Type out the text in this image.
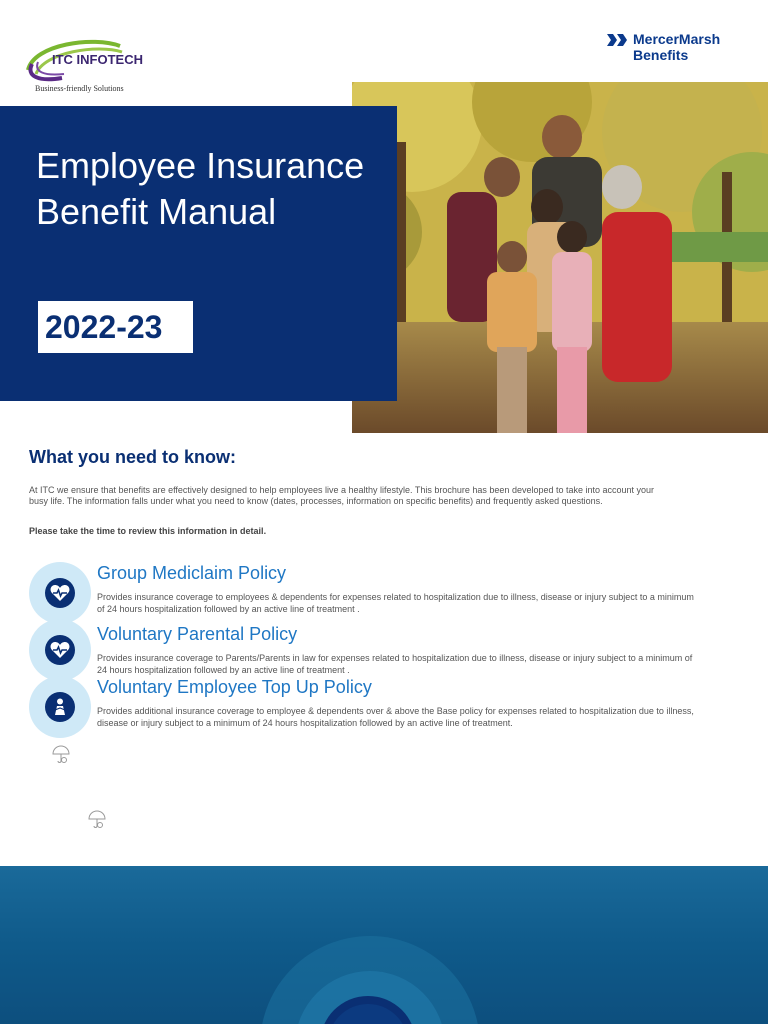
ITC INFOTECH
Business-friendly Solutions
MercerMarsh
Benefits
Employee Insurance Benefit Manual
2022-23
What you need to know:
At ITC we ensure that benefits are effectively designed to help employees live a healthy lifestyle. This brochure has been developed to take into account your busy life. The information falls under what you need to know (dates, processes, information on specific benefits) and frequently asked questions.
Please take the time to review this information in detail.
Group Mediclaim Policy
Provides insurance coverage to employees & dependents for expenses related to hospitalization due to illness, disease or injury subject to a minimum of 24 hours hospitalization followed by an active line of treatment .
Voluntary Parental Policy
Provides insurance coverage to Parents/Parents in law for expenses related to hospitalization due to illness, disease or injury subject to a minimum of 24 hours hospitalization followed by an active line of treatment .
Voluntary Employee Top Up Policy
Provides additional insurance coverage to employee & dependents over & above the Base policy for expenses related to hospitalization due to illness, disease or injury subject to a minimum of 24 hours hospitalization followed by an active line of treatment.
